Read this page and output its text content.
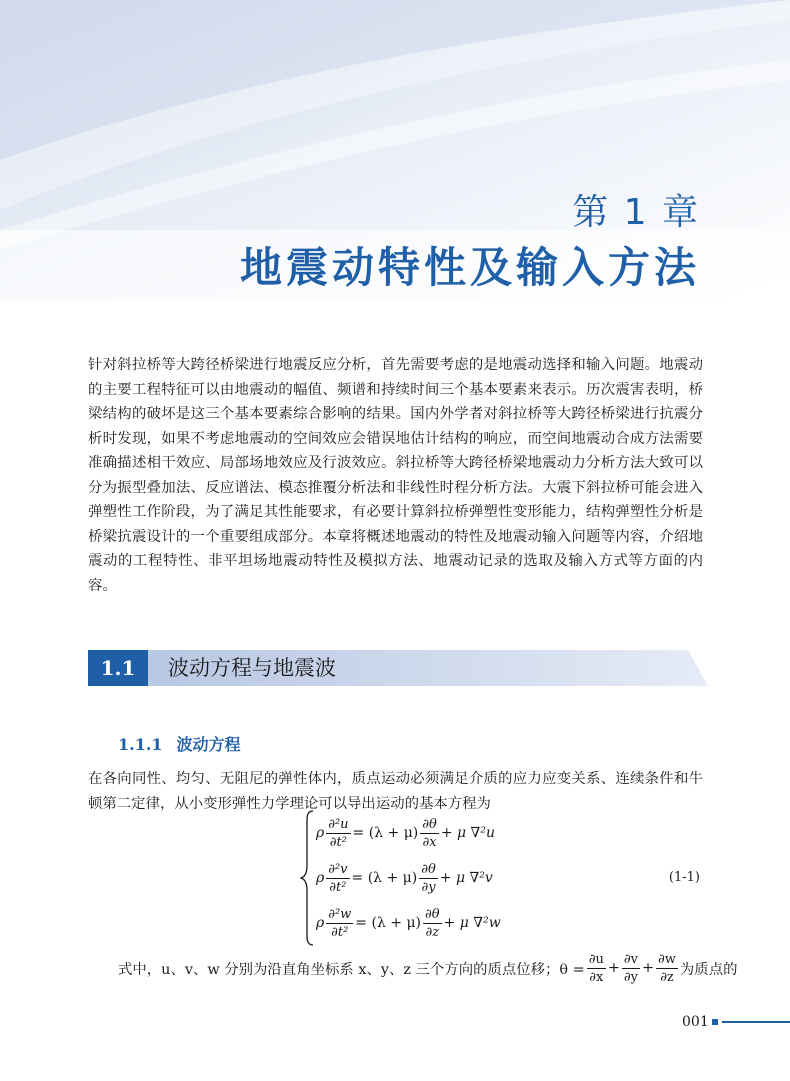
第 1 章
地震动特性及输入方法
针对斜拉桥等大跨径桥梁进行地震反应分析，首先需要考虑的是地震动选择和输入问题。地震动的主要工程特征可以由地震动的幅值、频谱和持续时间三个基本要素来表示。历次震害表明，桥梁结构的破坏是这三个基本要素综合影响的结果。国内外学者对斜拉桥等大跨径桥梁进行抗震分析时发现，如果不考虑地震动的空间效应会错误地估计结构的响应，而空间地震动合成方法需要准确描述相干效应、局部场地效应及行波效应。斜拉桥等大跨径桥梁地震动力分析方法大致可以分为振型叠加法、反应谱法、模态推覆分析法和非线性时程分析方法。大震下斜拉桥可能会进入弹塑性工作阶段，为了满足其性能要求，有必要计算斜拉桥弹塑性变形能力，结构弹塑性分析是桥梁抗震设计的一个重要组成部分。本章将概述地震动的特性及地震动输入问题等内容，介绍地震动的工程特性、非平坦场地震动特性及模拟方法、地震动记录的选取及输入方式等方面的内容。
1.1	波动方程与地震波
1.1.1 波动方程
在各向同性、均匀、无阻尼的弹性体内，质点运动必须满足介质的应力应变关系、连续条件和牛顿第二定律，从小变形弹性力学理论可以导出运动的基本方程为
ρ $\frac{\text{∂²u}}{\text{∂t²}} = (\lambda + \mu) \frac{\partial\theta}{\partial x} + \mu$ ∇²u
ρ $\frac{\text{∂²v}}{\text{∂t²}} = (\lambda + \mu) \frac{\partial\theta}{\partial y} + \mu$ ∇²v
ρ $\frac{\text{∂²w}}{\text{∂t²}} = (\lambda + \mu) \frac{\partial\theta}{\partial z} + \mu$ ∇²w
(1-1)
式中，u、v、w 分别为沿直角坐标系 x、y、z 三个方向的质点位移；$\theta = \frac{\partial u}{\partial x} + \frac{\partial v}{\partial y} + \frac{\partial w}{\partial z}$ 为质点的
001
